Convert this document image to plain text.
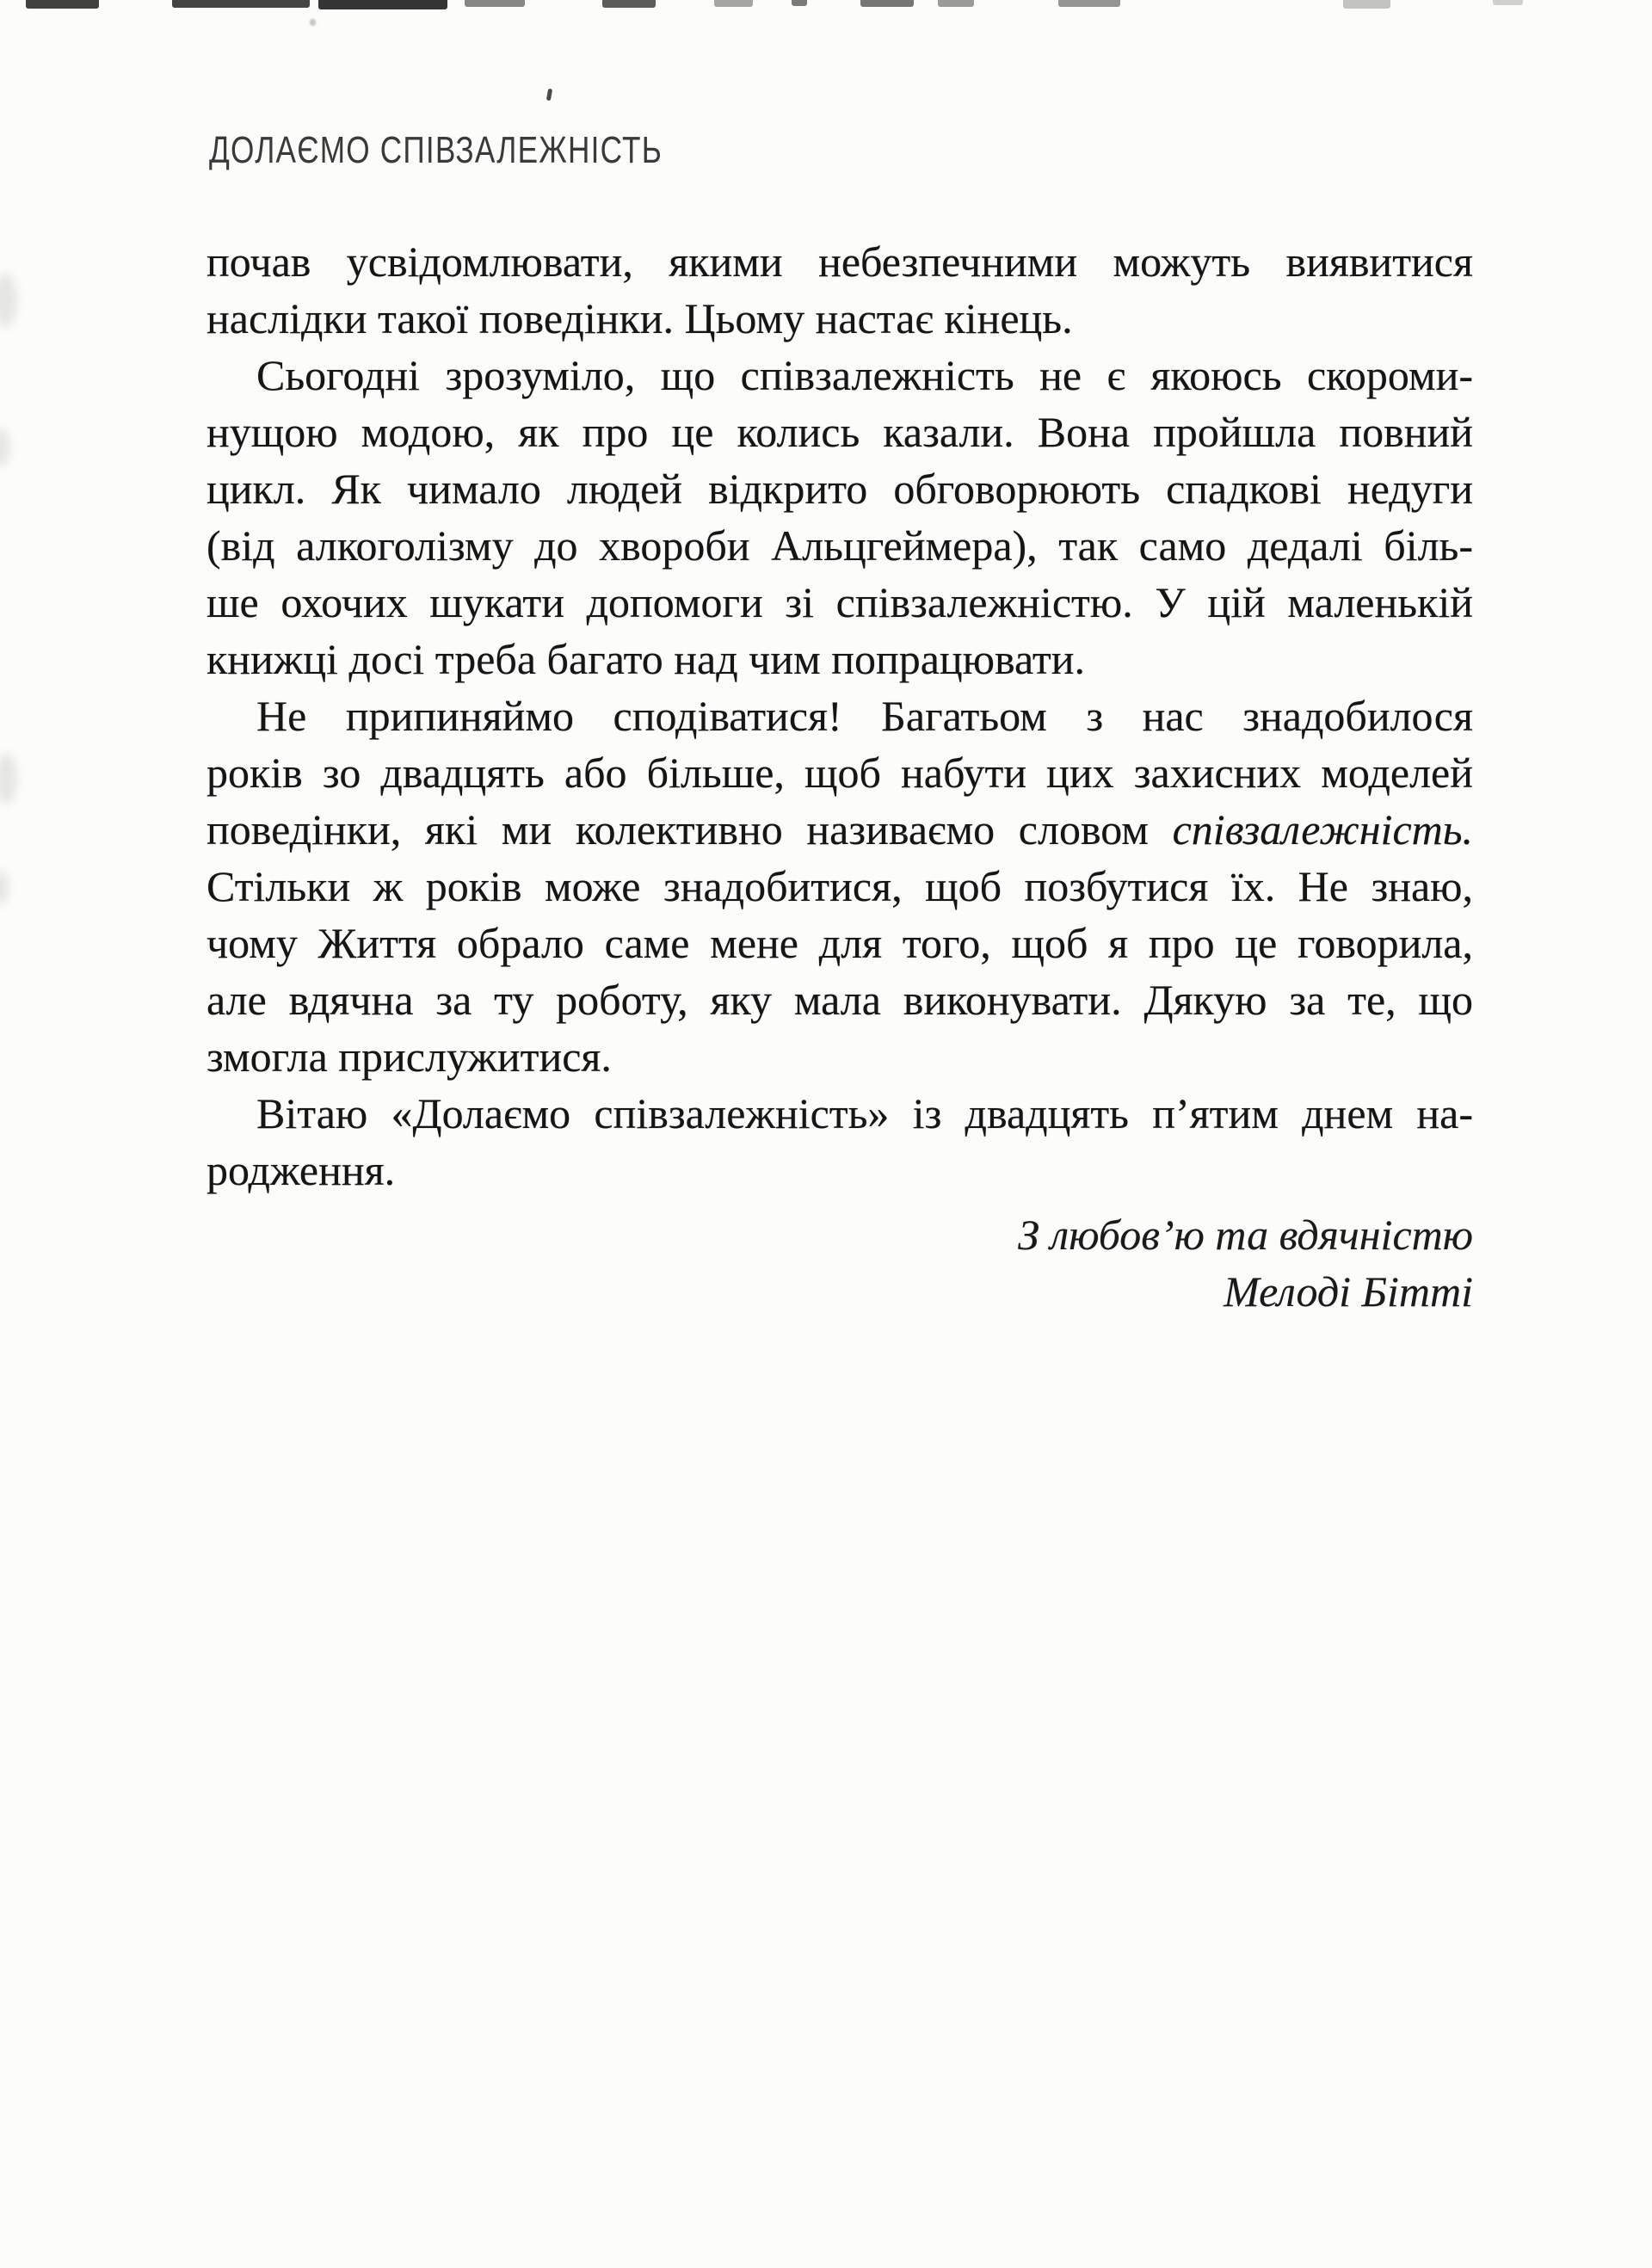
ДОЛАЄМО СПІВЗАЛЕЖНІСТЬ
почав усвідомлювати, якими небезпечними можуть виявитися
наслідки такої поведінки. Цьому настає кінець.
Сьогодні зрозуміло, що співзалежність не є якоюсь скороми-
нущою модою, як про це колись казали. Вона пройшла повний
цикл. Як чимало людей відкрито обговорюють спадкові недуги
(від алкоголізму до хвороби Альцгеймера), так само дедалі біль-
ше охочих шукати допомоги зі співзалежністю. У цій маленькій
книжці досі треба багато над чим попрацювати.
Не припиняймо сподіватися! Багатьом з нас знадобилося
років зо двадцять або більше, щоб набути цих захисних моделей
поведінки, які ми колективно називаємо словом співзалежність.
Стільки ж років може знадобитися, щоб позбутися їх. Не знаю,
чому Життя обрало саме мене для того, щоб я про це говорила,
але вдячна за ту роботу, яку мала виконувати. Дякую за те, що
змогла прислужитися.
Вітаю «Долаємо співзалежність» із двадцять п’ятим днем на-
родження.
З любов’ю та вдячністю
Мелоді Бітті
